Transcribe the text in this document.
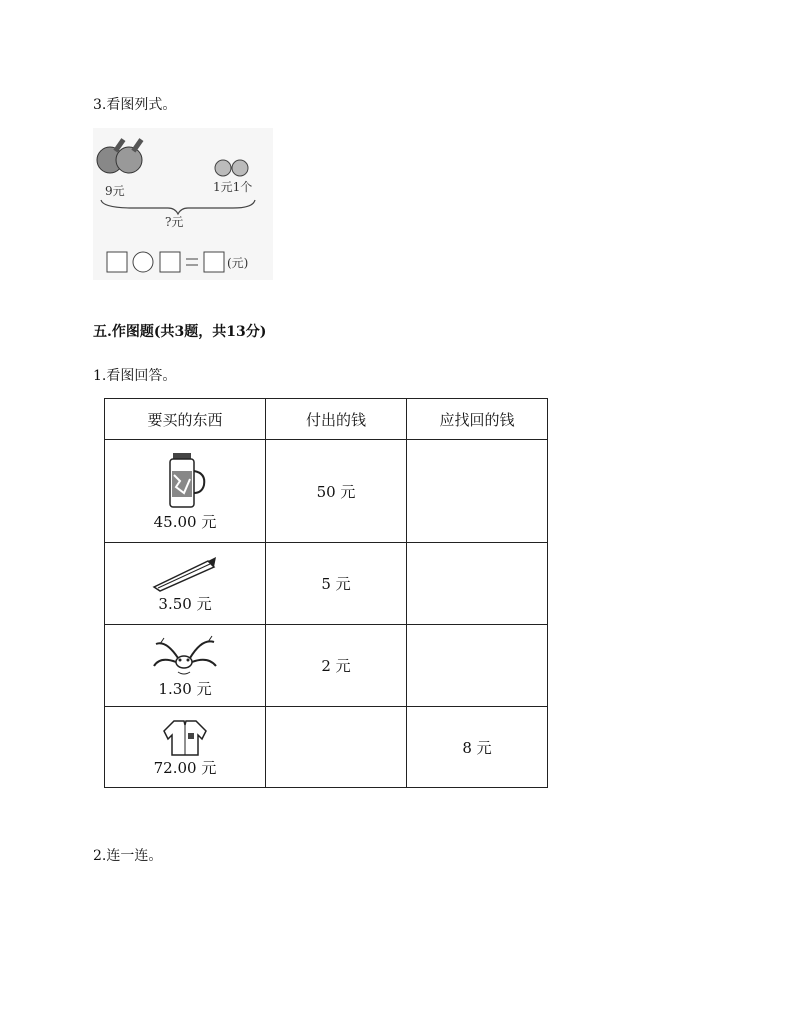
3.看图列式。
9元	1元1个
?元
(元)
五.作图题(共3题，共13分)
1.看图回答。
要买的东西	付出的钱	应找回的钱

45.00 元	50 元	

3.50 元	5 元	

1.30 元	2 元	

72.00 元		8 元
2.连一连。
